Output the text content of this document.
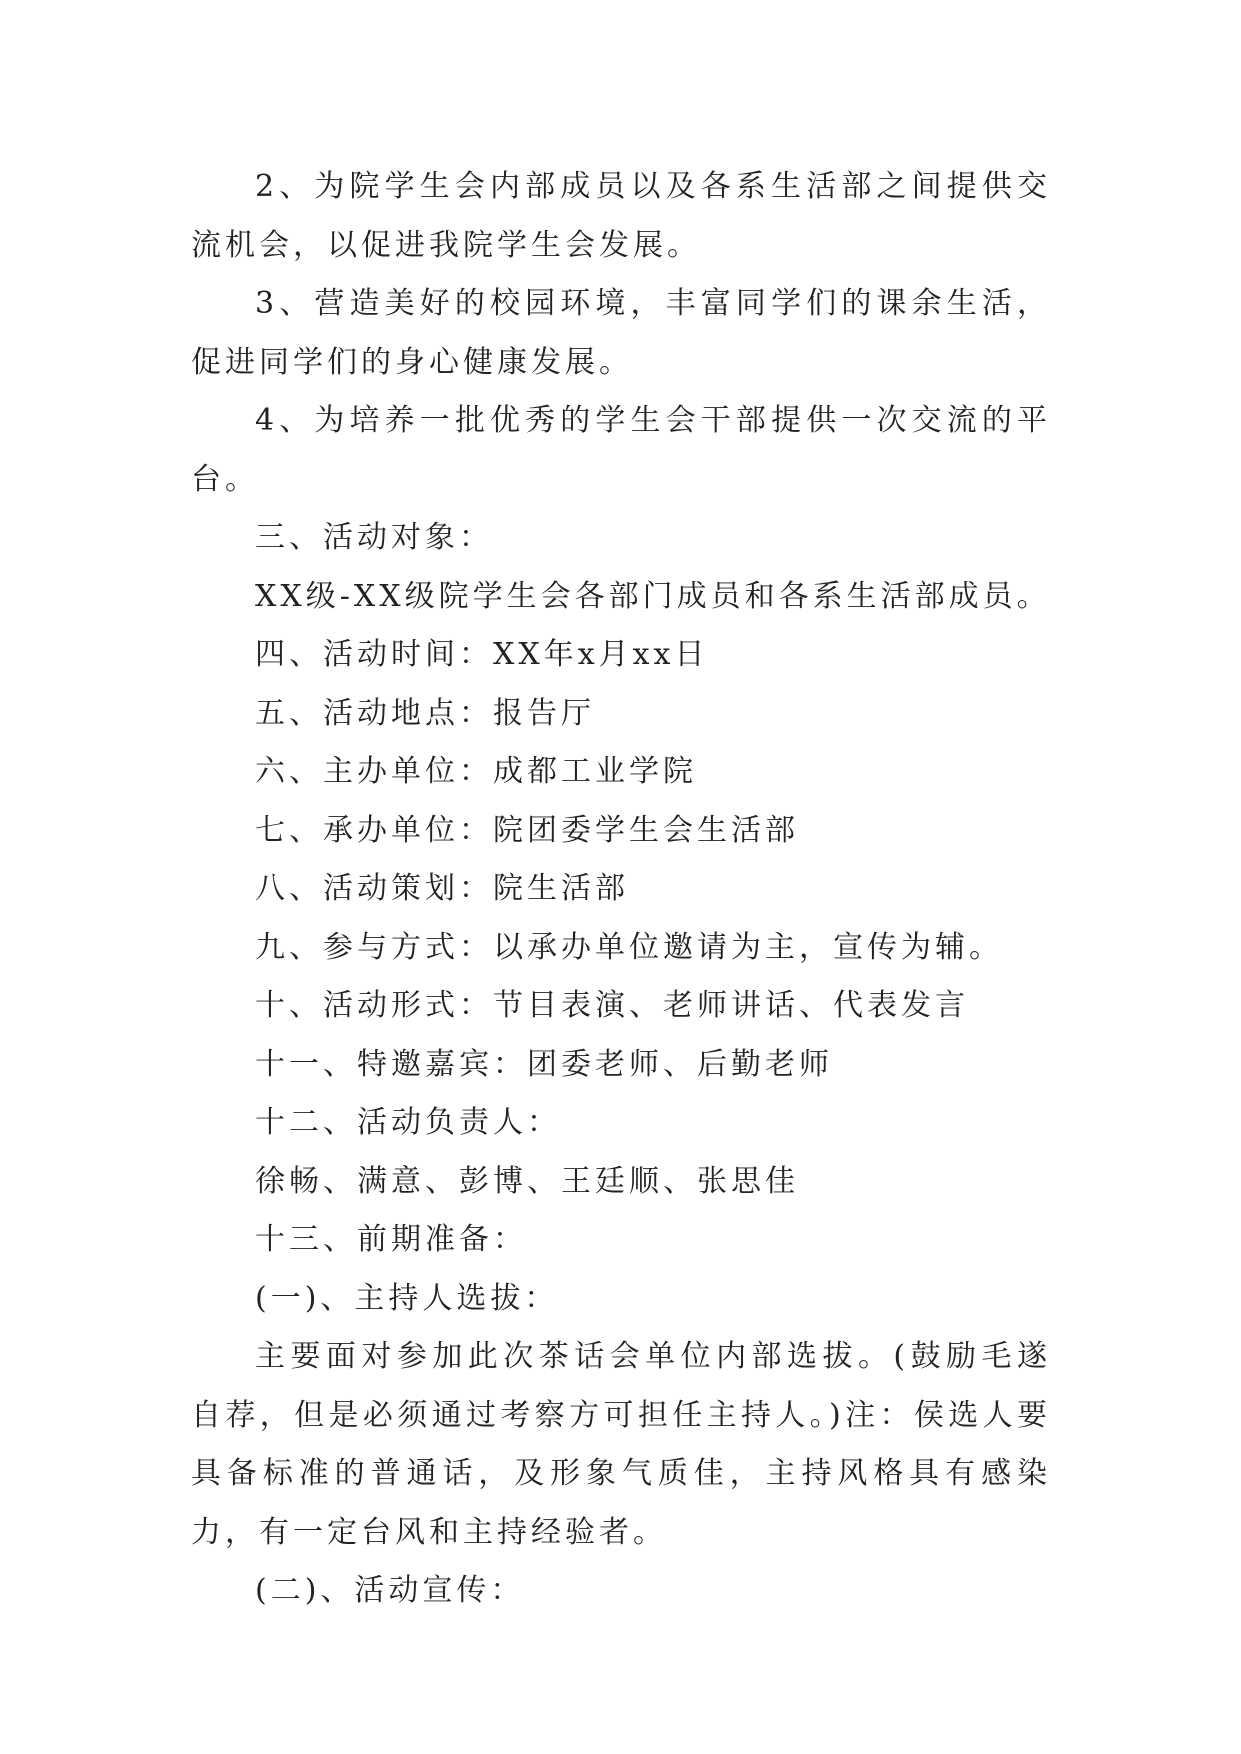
2、为院学生会内部成员以及各系生活部之间提供交流机会，以促进我院学生会发展。

3、营造美好的校园环境，丰富同学们的课余生活，促进同学们的身心健康发展。

4、为培养一批优秀的学生会干部提供一次交流的平台。

三、活动对象：

XX级-XX级院学生会各部门成员和各系生活部成员。

四、活动时间：XX年x月xx日

五、活动地点：报告厅

六、主办单位：成都工业学院

七、承办单位：院团委学生会生活部

八、活动策划：院生活部

九、参与方式：以承办单位邀请为主，宣传为辅。

十、活动形式：节目表演、老师讲话、代表发言

十一、特邀嘉宾：团委老师、后勤老师

十二、活动负责人：

徐畅、满意、彭博、王廷顺、张思佳

十三、前期准备：

(一)、主持人选拔：

主要面对参加此次茶话会单位内部选拔。(鼓励毛遂自荐，但是必须通过考察方可担任主持人。)注：侯选人要具备标准的普通话，及形象气质佳，主持风格具有感染力，有一定台风和主持经验者。

(二)、活动宣传：
